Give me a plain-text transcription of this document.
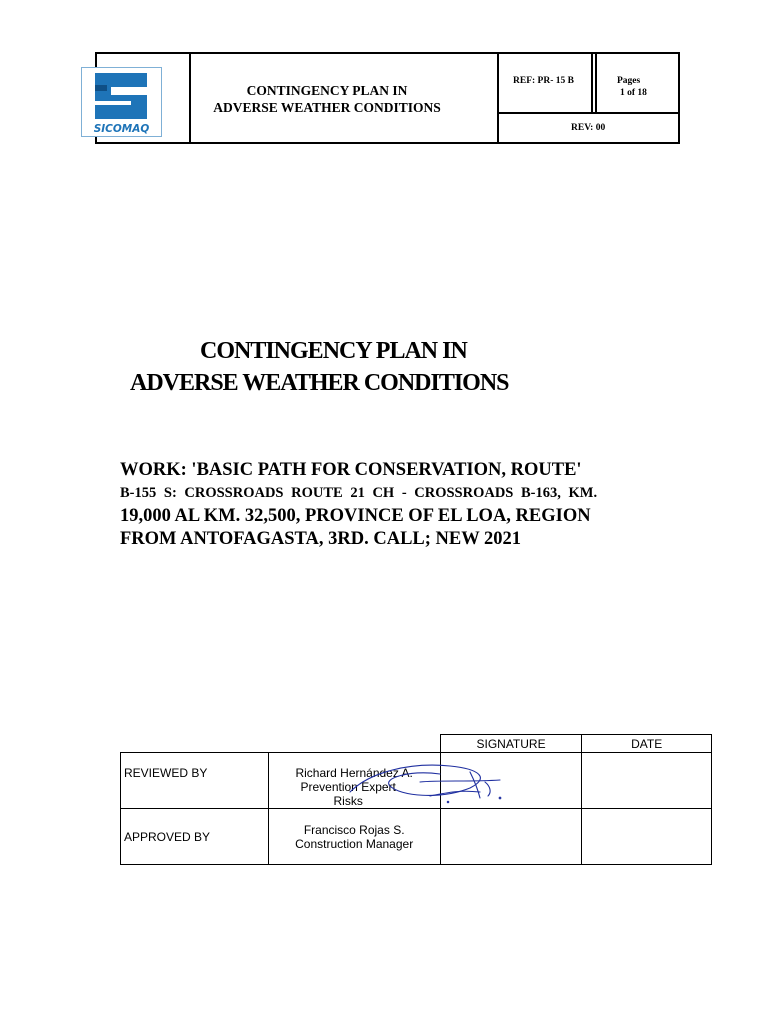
SICOMAQ
CONTINGENCY PLAN IN
ADVERSE WEATHER CONDITIONS
REF: PR- 15 B	Pages
1 of 18
REV: 00
CONTINGENCY PLAN IN
ADVERSE WEATHER CONDITIONS
WORK: 'BASIC PATH FOR CONSERVATION, ROUTE'
B-155 S: CROSSROADS ROUTE 21 CH - CROSSROADS B-163, KM.
19,000 AL KM. 32,500, PROVINCE OF EL LOA, REGION
FROM ANTOFAGASTA, 3RD. CALL; NEW 2021
		SIGNATURE	DATE
REVIEWED BY	Richard Hernández A.
Prevention Expert
Risks		

APPROVED BY	Francisco Rojas S.
Construction Manager		
